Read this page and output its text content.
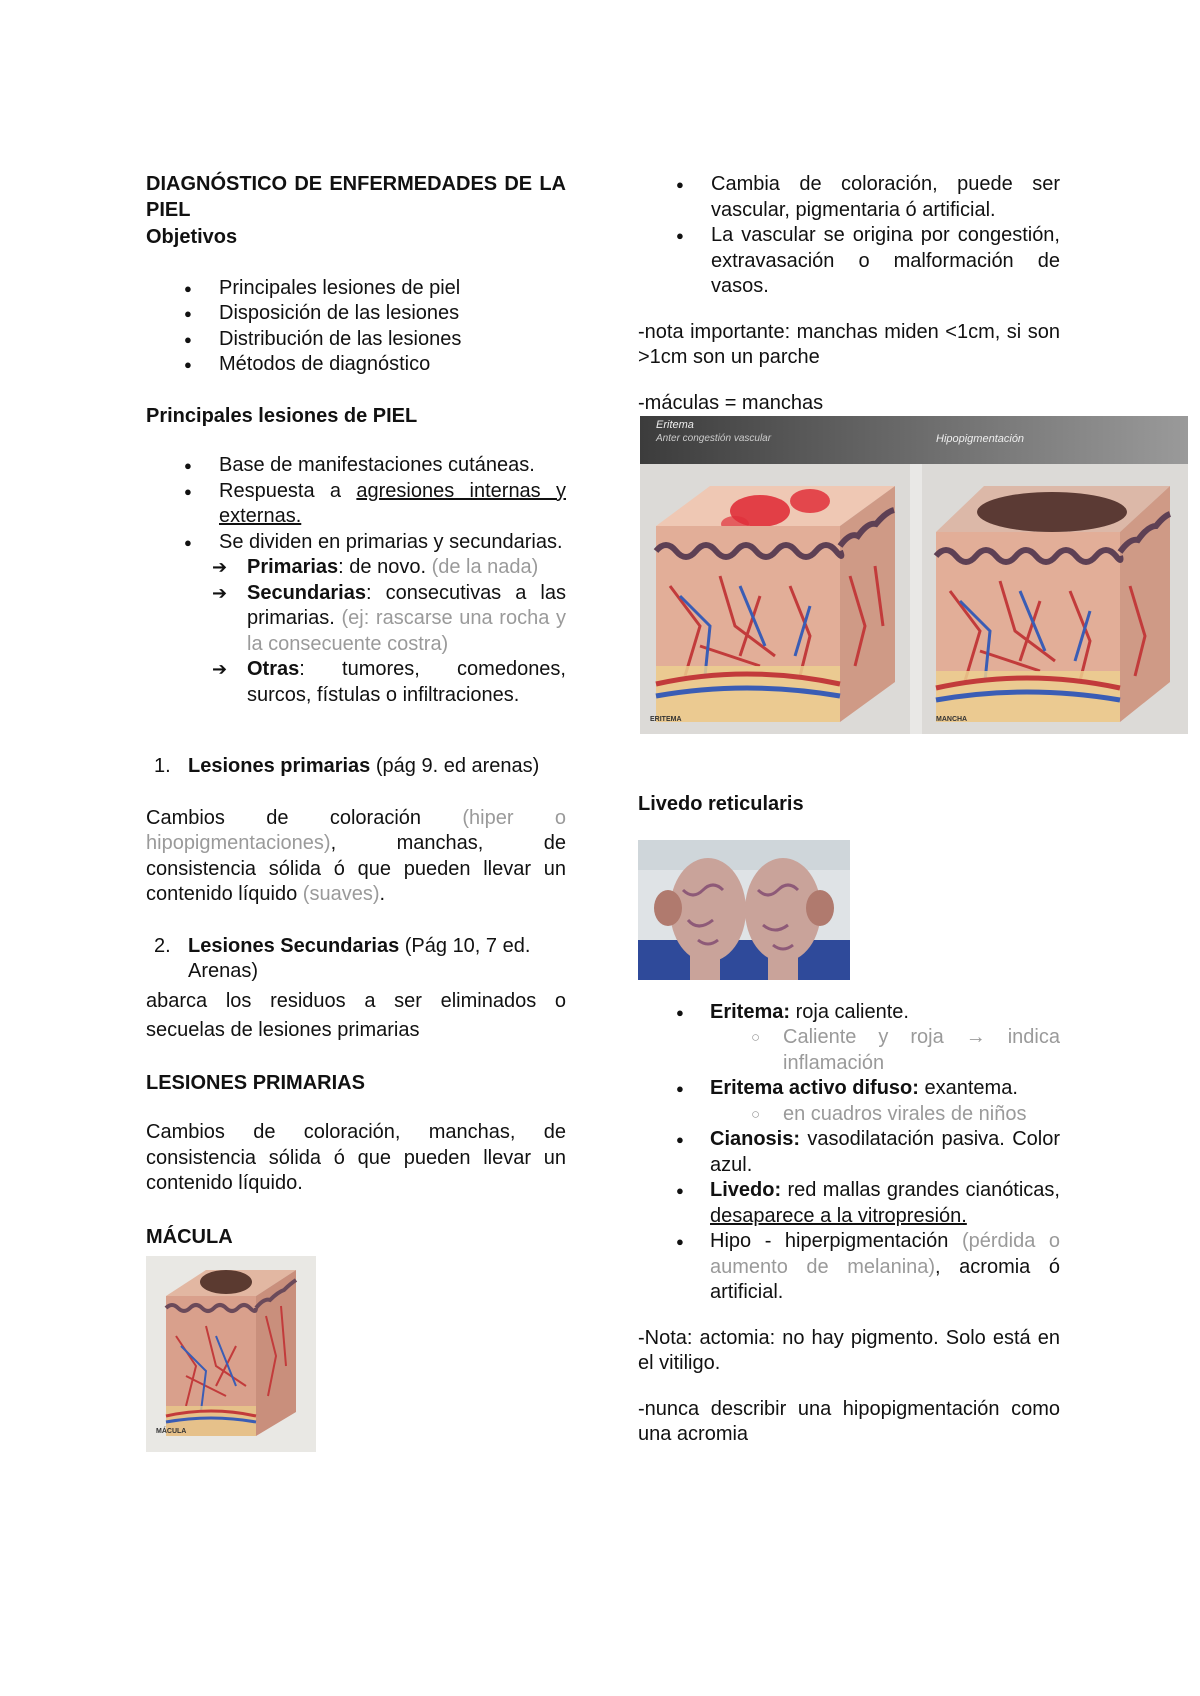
DIAGNÓSTICO DE ENFERMEDADES DE LA PIEL

Objetivos

● Principales lesiones de piel
● Disposición de las lesiones
● Distribución de las lesiones
● Métodos de diagnóstico

Principales lesiones de PIEL

● Base de manifestaciones cutáneas.
● Respuesta a agresiones internas y externas.
● Se dividen en primarias y secundarias.
➔ Primarias: de novo. (de la nada)
➔ Secundarias: consecutivas a las primarias. (ej: rascarse una rocha y la consecuente costra)
➔ Otras: tumores, comedones, surcos, fístulas o infiltraciones.

1. Lesiones primarias (pág 9. ed arenas)

Cambios de coloración (hiper o hipopigmentaciones), manchas, de consistencia sólida ó que pueden llevar un contenido líquido (suaves).

2. Lesiones Secundarias (Pág 10, 7 ed. Arenas)

abarca los residuos a ser eliminados o secuelas de lesiones primarias

LESIONES PRIMARIAS

Cambios de coloración, manchas, de consistencia sólida ó que pueden llevar un contenido líquido.

MÁCULA

MÁCULA
● Cambia de coloración, puede ser vascular, pigmentaria ó artificial.
● La vascular se origina por congestión, extravasación o malformación de vasos.

-nota importante: manchas miden <1cm, si son >1cm son un parche

-máculas = manchas

Eritema
Anter congestión vascular	Hipopigmentación
ERITEMA	MANCHA

Livedo reticularis

● Eritema: roja caliente.
○ Caliente y roja → indica inflamación
● Eritema activo difuso: exantema.
○ en cuadros virales de niños
● Cianosis: vasodilatación pasiva. Color azul.
● Livedo: red mallas grandes cianóticas, desaparece a la vitropresión.
● Hipo - hiperpigmentación (pérdida o aumento de melanina), acromia ó artificial.

-Nota: actomia: no hay pigmento. Solo está en el vitiligo.

-nunca describir una hipopigmentación como una acromia
